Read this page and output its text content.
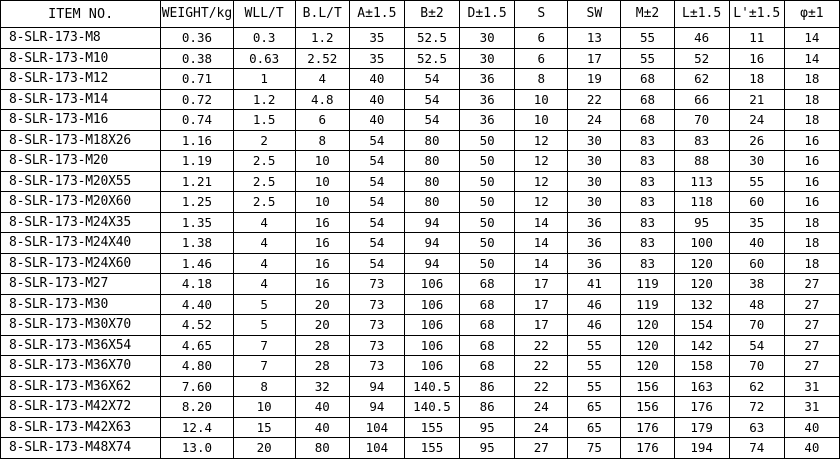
ITEM NO.	WEIGHT/kg	WLL/T	B.L/T	A±1.5	B±2	D±1.5	S	SW	M±2	L±1.5	L'±1.5	φ±1
8-SLR-173-M8	0.36	0.3	1.2	35	52.5	30	6	13	55	46	11	14
8-SLR-173-M10	0.38	0.63	2.52	35	52.5	30	6	17	55	52	16	14
8-SLR-173-M12	0.71	1	4	40	54	36	8	19	68	62	18	18
8-SLR-173-M14	0.72	1.2	4.8	40	54	36	10	22	68	66	21	18
8-SLR-173-M16	0.74	1.5	6	40	54	36	10	24	68	70	24	18
8-SLR-173-M18X26	1.16	2	8	54	80	50	12	30	83	83	26	16
8-SLR-173-M20	1.19	2.5	10	54	80	50	12	30	83	88	30	16
8-SLR-173-M20X55	1.21	2.5	10	54	80	50	12	30	83	113	55	16
8-SLR-173-M20X60	1.25	2.5	10	54	80	50	12	30	83	118	60	16
8-SLR-173-M24X35	1.35	4	16	54	94	50	14	36	83	95	35	18
8-SLR-173-M24X40	1.38	4	16	54	94	50	14	36	83	100	40	18
8-SLR-173-M24X60	1.46	4	16	54	94	50	14	36	83	120	60	18
8-SLR-173-M27	4.18	4	16	73	106	68	17	41	119	120	38	27
8-SLR-173-M30	4.40	5	20	73	106	68	17	46	119	132	48	27
8-SLR-173-M30X70	4.52	5	20	73	106	68	17	46	120	154	70	27
8-SLR-173-M36X54	4.65	7	28	73	106	68	22	55	120	142	54	27
8-SLR-173-M36X70	4.80	7	28	73	106	68	22	55	120	158	70	27
8-SLR-173-M36X62	7.60	8	32	94	140.5	86	22	55	156	163	62	31
8-SLR-173-M42X72	8.20	10	40	94	140.5	86	24	65	156	176	72	31
8-SLR-173-M42X63	12.4	15	40	104	155	95	24	65	176	179	63	40
8-SLR-173-M48X74	13.0	20	80	104	155	95	27	75	176	194	74	40
